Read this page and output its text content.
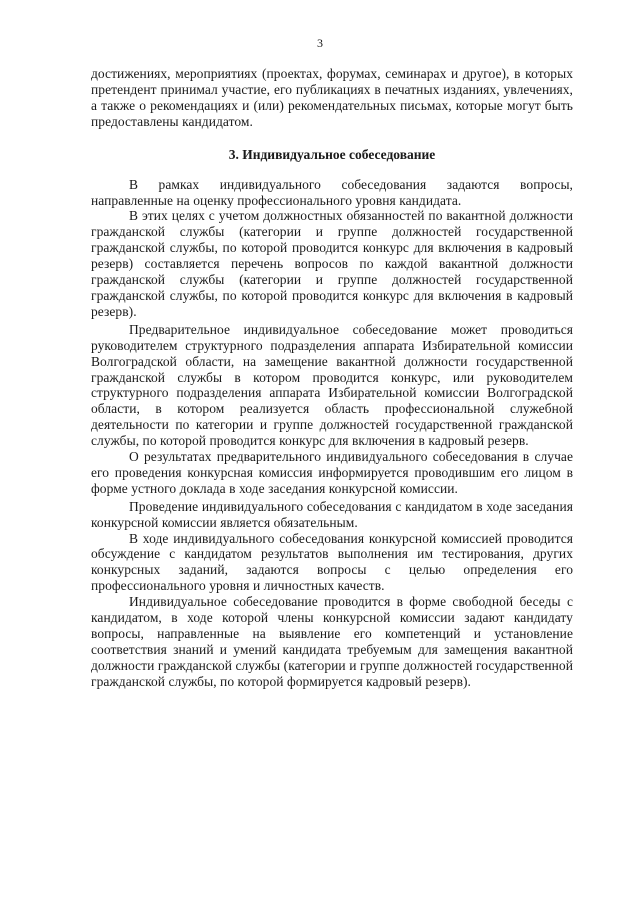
3

достижениях, мероприятиях (проектах, форумах, семинарах и другое), в которых претендент принимал участие, его публикациях в печатных изданиях, увлечениях, а также о рекомендациях и (или) рекомендательных письмах, которые могут быть предоставлены кандидатом.

3. Индивидуальное собеседование

В рамках индивидуального собеседования задаются вопросы, направленные на оценку профессионального уровня кандидата.

В этих целях с учетом должностных обязанностей по вакантной должности гражданской службы (категории и группе должностей государственной гражданской службы, по которой проводится конкурс для включения в кадровый резерв) составляется перечень вопросов по каждой вакантной должности гражданской службы (категории и группе должностей государственной гражданской службы, по которой проводится конкурс для включения в кадровый резерв).

Предварительное индивидуальное собеседование может проводиться руководителем структурного подразделения аппарата Избирательной комиссии Волгоградской области, на замещение вакантной должности государственной гражданской службы в котором проводится конкурс, или руководителем структурного подразделения аппарата Избирательной комиссии Волгоградской области, в котором реализуется область профессиональной служебной деятельности по категории и группе должностей государственной гражданской службы, по которой проводится конкурс для включения в кадровый резерв.

О результатах предварительного индивидуального собеседования в случае его проведения конкурсная комиссия информируется проводившим его лицом в форме устного доклада в ходе заседания конкурсной комиссии.

Проведение индивидуального собеседования с кандидатом в ходе заседания конкурсной комиссии является обязательным.

В ходе индивидуального собеседования конкурсной комиссией проводится обсуждение с кандидатом результатов выполнения им тестирования, других конкурсных заданий, задаются вопросы с целью определения его профессионального уровня и личностных качеств.

Индивидуальное собеседование проводится в форме свободной беседы с кандидатом, в ходе которой члены конкурсной комиссии задают кандидату вопросы, направленные на выявление его компетенций и установление соответствия знаний и умений кандидата требуемым для замещения вакантной должности гражданской службы (категории и группе должностей государственной гражданской службы, по которой формируется кадровый резерв).
